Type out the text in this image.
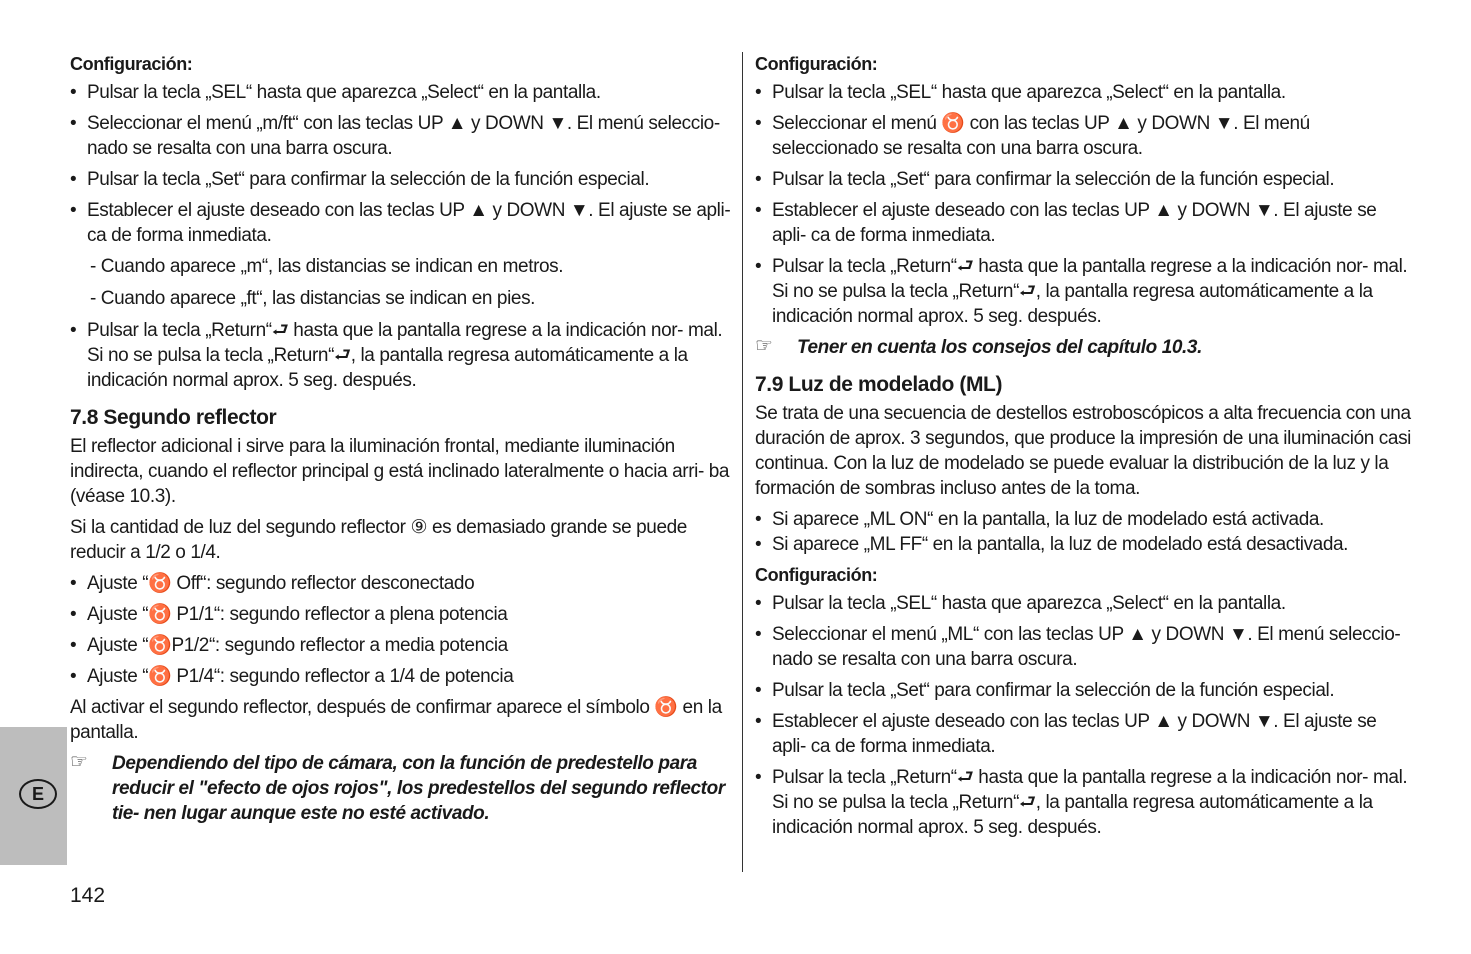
Configuración:
• Pulsar la tecla „SEL“ hasta que aparezca „Select“ en la pantalla.
• Seleccionar el menú „m/ft“ con las teclas UP ▲ y DOWN ▼. El menú seleccio- nado se resalta con una barra oscura.
• Pulsar la tecla „Set“ para confirmar la selección de la función especial.
• Establecer el ajuste deseado con las teclas UP ▲ y DOWN ▼. El ajuste se apli- ca de forma inmediata.
- Cuando aparece „m“, las distancias se indican en metros.
- Cuando aparece „ft“, las distancias se indican en pies.
• Pulsar la tecla „Return“⮐ hasta que la pantalla regrese a la indicación nor- mal. Si no se pulsa la tecla „Return“⮐, la pantalla regresa automáticamente a la indicación normal aprox. 5 seg. después.
7.8 Segundo reflector
El reflector adicional i sirve para la iluminación frontal, mediante iluminación indirecta, cuando el reflector principal g está inclinado lateralmente o hacia arri- ba (véase 10.3).
Si la cantidad de luz del segundo reflector ⑨ es demasiado grande se puede reducir a 1/2 o 1/4.
• Ajuste “♉ Off“: segundo reflector desconectado
• Ajuste “♉ P1/1“: segundo reflector a plena potencia
• Ajuste “♉P1/2“: segundo reflector a media potencia
• Ajuste “♉ P1/4“: segundo reflector a 1/4 de potencia
Al activar el segundo reflector, después de confirmar aparece el símbolo ♉ en la pantalla.
☞ Dependiendo del tipo de cámara, con la función de predestello para reducir el "efecto de ojos rojos", los predestellos del segundo reflector tie- nen lugar aunque este no esté activado.
Configuración:
• Pulsar la tecla „SEL“ hasta que aparezca „Select“ en la pantalla.
• Seleccionar el menú ♉ con las teclas UP ▲ y DOWN ▼. El menú seleccionado se resalta con una barra oscura.
• Pulsar la tecla „Set“ para confirmar la selección de la función especial.
• Establecer el ajuste deseado con las teclas UP ▲ y DOWN ▼. El ajuste se apli- ca de forma inmediata.
• Pulsar la tecla „Return“⮐ hasta que la pantalla regrese a la indicación nor- mal. Si no se pulsa la tecla „Return“⮐, la pantalla regresa automáticamente a la indicación normal aprox. 5 seg. después.
☞ Tener en cuenta los consejos del capítulo 10.3.
7.9 Luz de modelado (ML)
Se trata de una secuencia de destellos estroboscópicos a alta frecuencia con una duración de aprox. 3 segundos, que produce la impresión de una iluminación casi continua. Con la luz de modelado se puede evaluar la distribución de la luz y la formación de sombras incluso antes de la toma.
• Si aparece „ML ON“ en la pantalla, la luz de modelado está activada.
• Si aparece „ML FF“ en la pantalla, la luz de modelado está desactivada.
Configuración:
• Pulsar la tecla „SEL“ hasta que aparezca „Select“ en la pantalla.
• Seleccionar el menú „ML“ con las teclas UP ▲ y DOWN ▼. El menú seleccio- nado se resalta con una barra oscura.
• Pulsar la tecla „Set“ para confirmar la selección de la función especial.
• Establecer el ajuste deseado con las teclas UP ▲ y DOWN ▼. El ajuste se apli- ca de forma inmediata.
• Pulsar la tecla „Return“⮐ hasta que la pantalla regrese a la indicación nor- mal. Si no se pulsa la tecla „Return“⮐, la pantalla regresa automáticamente a la indicación normal aprox. 5 seg. después.
E
142
